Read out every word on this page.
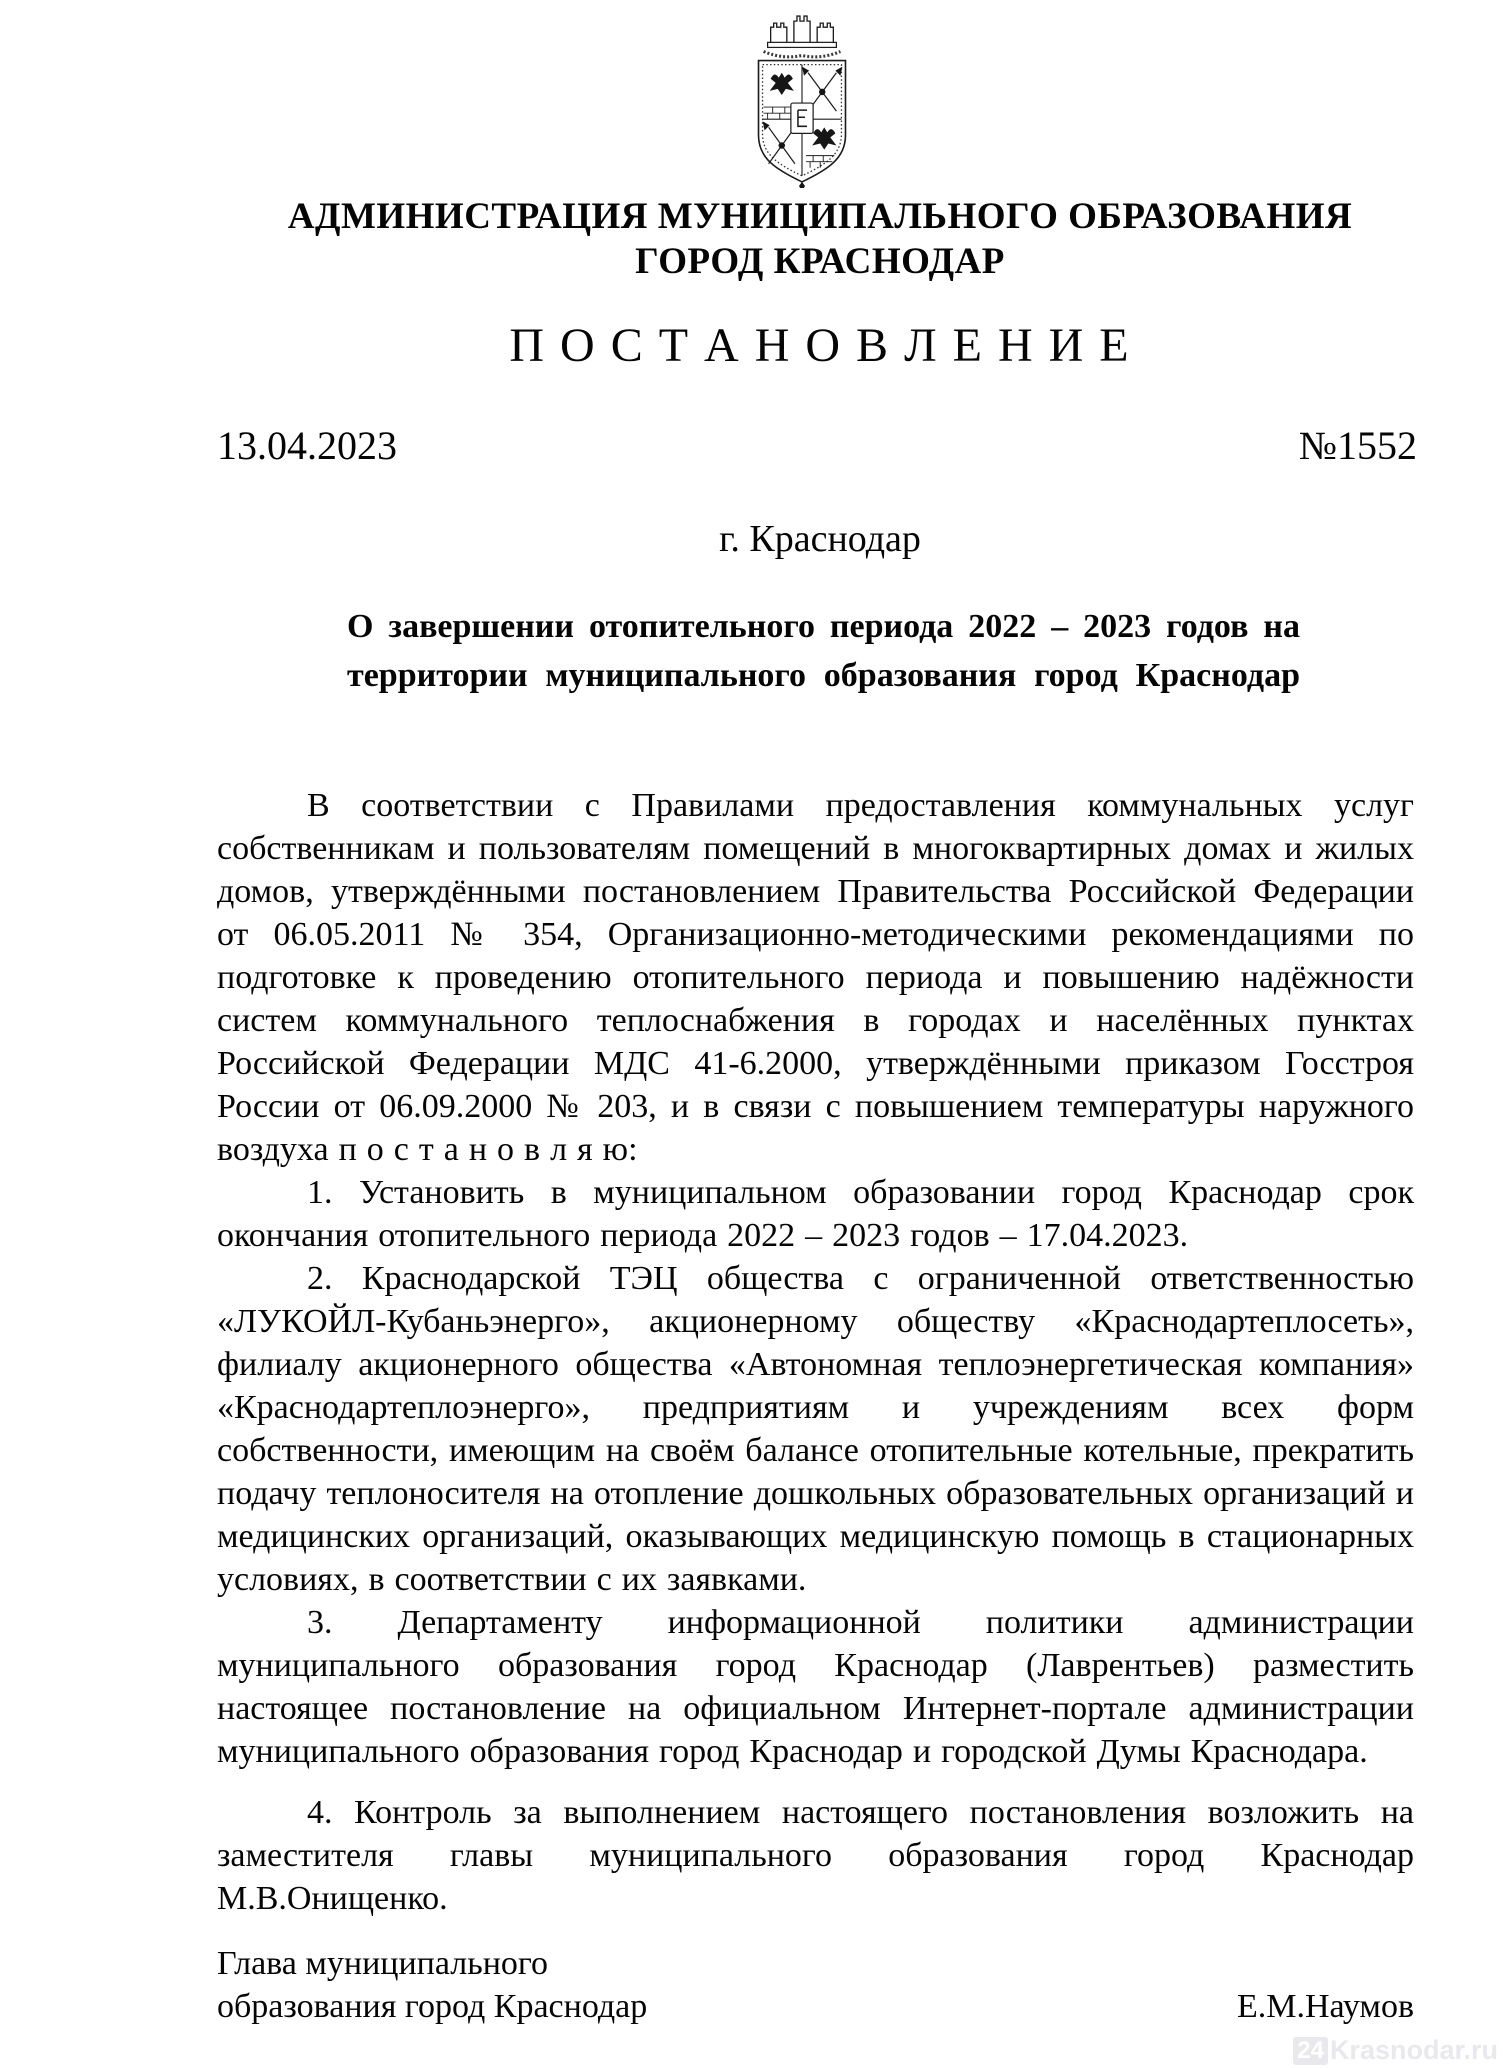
АДМИНИСТРАЦИЯ МУНИЦИПАЛЬНОГО ОБРАЗОВАНИЯ
ГОРОД КРАСНОДАР
П О С Т А Н О В Л Е Н И Е
13.04.2023	№1552
г. Краснодар
О завершении отопительного периода 2022 – 2023 годов на
территории муниципального образования город Краснодар

В соответствии с Правилами предоставления коммунальных услуг собственникам и пользователям помещений в многоквартирных домах и жилых домов, утверждёнными постановлением Правительства Российской Федерации от 06.05.2011 № 354, Организационно-методическими рекомендациями по подготовке к проведению отопительного периода и повышению надёжности систем коммунального теплоснабжения в городах и населённых пунктах Российской Федерации МДС 41-6.2000, утверждёнными приказом Госстроя России от 06.09.2000 № 203, и в связи с повышением температуры наружного воздуха п о с т а н о в л я ю:

1. Установить в муниципальном образовании город Краснодар срок окончания отопительного периода 2022 – 2023 годов – 17.04.2023.

2. Краснодарской ТЭЦ общества с ограниченной ответственностью «ЛУКОЙЛ-Кубаньэнерго», акционерному обществу «Краснодартеплосеть», филиалу акционерного общества «Автономная теплоэнергетическая компания» «Краснодартеплоэнерго», предприятиям и учреждениям всех форм собственности, имеющим на своём балансе отопительные котельные, прекратить подачу теплоносителя на отопление дошкольных образовательных организаций и медицинских организаций, оказывающих медицинскую помощь в стационарных условиях, в соответствии с их заявками.

3. Департаменту информационной политики администрации муниципального образования город Краснодар (Лаврентьев) разместить настоящее постановление на официальном Интернет-портале администрации муниципального образования город Краснодар и городской Думы Краснодара.

4. Контроль за выполнением настоящего постановления возложить на заместителя главы муниципального образования город Краснодар М.В.Онищенко.

Глава муниципального
образования город Краснодар	Е.М.Наумов
24 Krasnodar.ru
